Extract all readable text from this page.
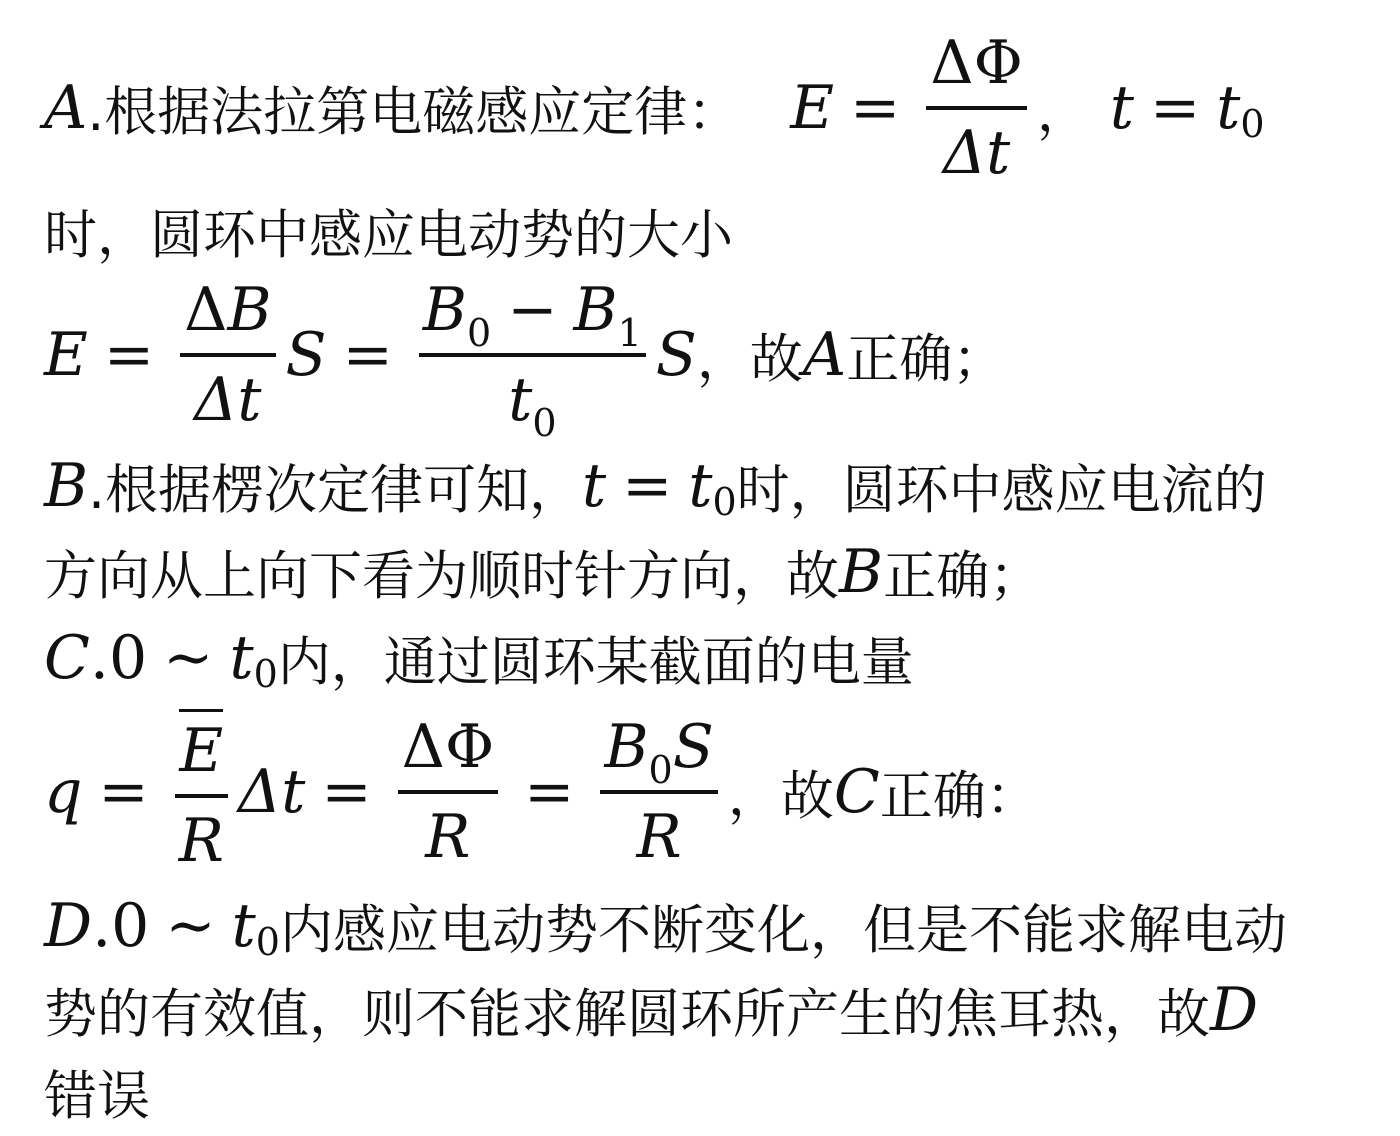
A .根据法拉第电磁感应定律： $E = \frac{\Delta\Phi}{\Delta t}$ ， t = t 0
时，圆环中感应电动势的大小
$E = \frac{\text{Δ B}}{\Delta t}$ $S = \frac{B 0 - B 1}{t 0}$ S ，故 A 正确；
B .根据楞次定律可知， t = t 0 时，圆环中感应电流的
方向从上向下看为顺时针方向，故 B 正确；
C .0 ∼ t 0 内，通过圆环某截面的电量
$q = \frac{E}{R}$ $\Delta t = \frac{\Delta\Phi}{R} = \frac{B 0 S}{R}$ ，故 C 正确：
D .0 ∼ t 0 内感应电动势不断变化，但是不能求解电动
势的有效值，则不能求解圆环所产生的焦耳热，故 D
错误
